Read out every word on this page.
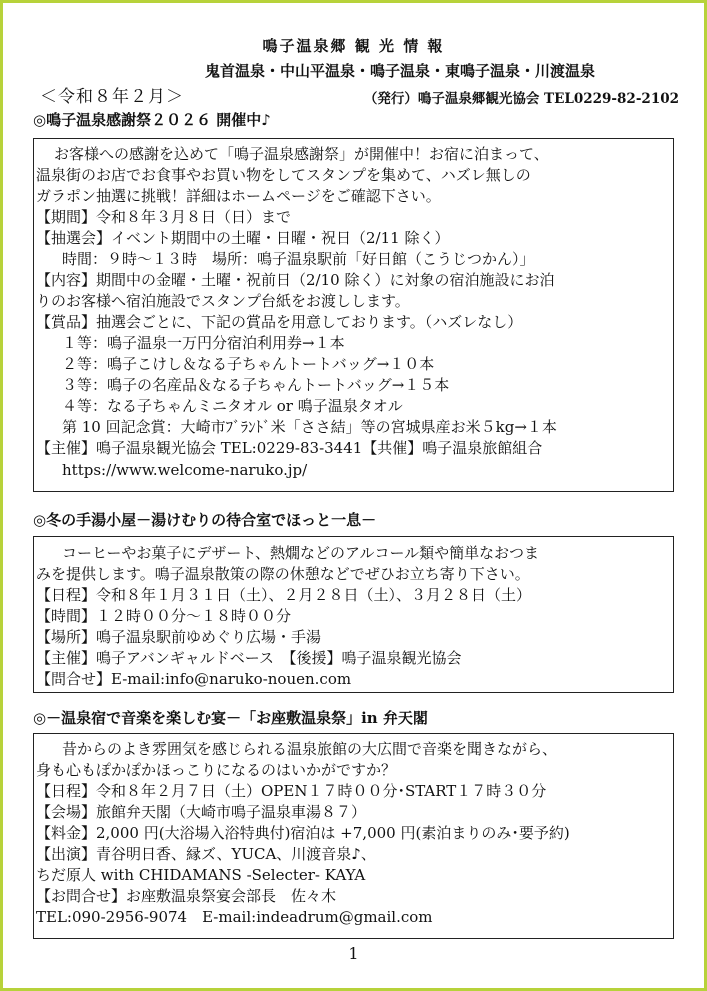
鳴子温泉郷 観 光 情 報
鬼首温泉・中山平温泉・鳴子温泉・東鳴子温泉・川渡温泉
＜令和８年２月＞	（発行）鳴子温泉郷観光協会 TEL0229-82-2102
◎鳴子温泉感謝祭２０２６ 開催中♪
お客様への感謝を込めて「鳴子温泉感謝祭」が開催中！お宿に泊まって、
温泉街のお店でお食事やお買い物をしてスタンプを集めて、ハズレ無しの
ガラポン抽選に挑戦！詳細はホームページをご確認下さい。
【期間】令和８年３月８日（日）まで
【抽選会】イベント期間中の土曜・日曜・祝日（2/11 除く）
時間：９時～１３時　場所：鳴子温泉駅前「好日館（こうじつかん）」
【内容】期間中の金曜・土曜・祝前日（2/10 除く）に対象の宿泊施設にお泊
りのお客様へ宿泊施設でスタンプ台紙をお渡しします。
【賞品】抽選会ごとに、下記の賞品を用意しております。（ハズレなし）
１等：鳴子温泉一万円分宿泊利用券→１本
２等：鳴子こけし＆なる子ちゃんトートバッグ→１０本
３等：鳴子の名産品＆なる子ちゃんトートバッグ→１５本
４等：なる子ちゃんミニタオル or 鳴子温泉タオル
第 10 回記念賞：大崎市ﾌﾞﾗﾝﾄﾞ米「ささ結」等の宮城県産お米５kg→１本
【主催】鳴子温泉観光協会 TEL:0229-83-3441【共催】鳴子温泉旅館組合
https://www.welcome-naruko.jp/
◎冬の手湯小屋－湯けむりの待合室でほっと一息－
コーヒーやお菓子にデザート、熱燗などのアルコール類や簡単なおつま
みを提供します。鳴子温泉散策の際の休憩などでぜひお立ち寄り下さい。
【日程】令和８年１月３１日（土）、２月２８日（土）、３月２８日（土）
【時間】１２時００分～１８時００分
【場所】鳴子温泉駅前ゆめぐり広場・手湯
【主催】鳴子アバンギャルドベース　【後援】鳴子温泉観光協会
【問合せ】E-mail:info@naruko-nouen.com
◎－温泉宿で音楽を楽しむ宴－「お座敷温泉祭」in 弁天閣
昔からのよき雰囲気を感じられる温泉旅館の大広間で音楽を聞きながら、
身も心もぽかぽかほっこりになるのはいかがですか？
【日程】令和８年２月７日（土）OPEN１７時００分･START１７時３０分
【会場】旅館弁天閣（大崎市鳴子温泉車湯８７）
【料金】2,000 円(大浴場入浴特典付)宿泊は +7,000 円(素泊まりのみ･要予約)
【出演】青谷明日香、縁ズ、YUCA、川渡音泉♪、
ちだ原人 with CHIDAMANS -Selecter- KAYA
【お問合せ】お座敷温泉祭宴会部長　佐々木
TEL:090-2956-9074　E-mail:indeadrum@gmail.com
1
